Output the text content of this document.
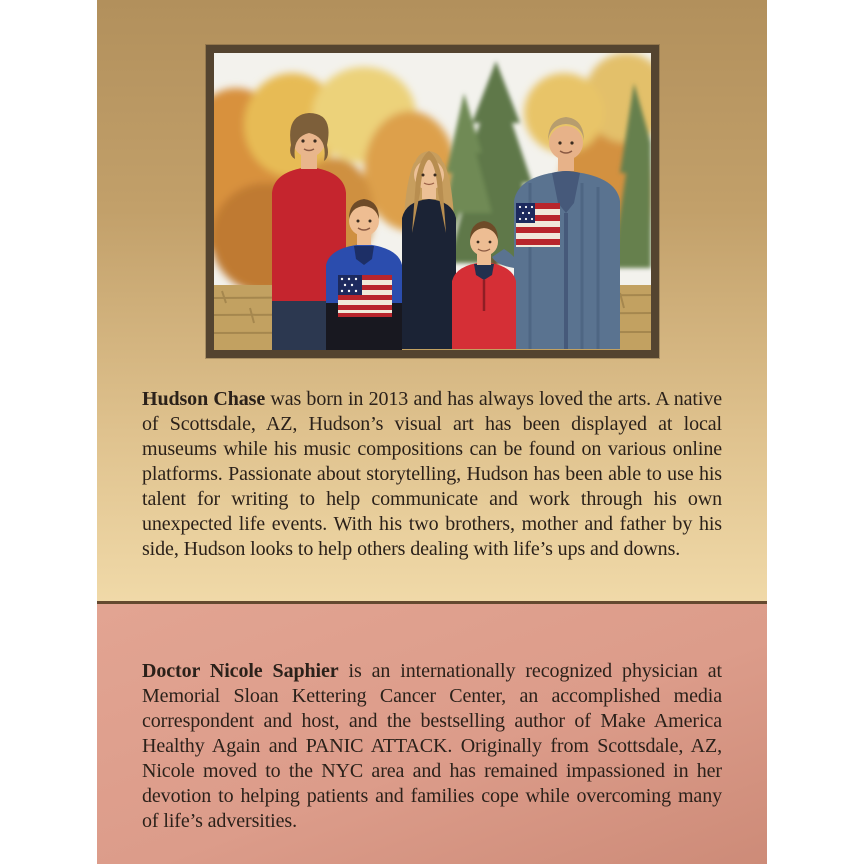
Hudson Chase was born in 2013 and has always loved the arts. A native of Scottsdale, AZ, Hudson’s visual art has been displayed at local museums while his music compositions can be found on various online platforms. Passionate about storytelling, Hudson has been able to use his talent for writing to help communicate and work through his own unexpected life events. With his two brothers, mother and father by his side, Hudson looks to help others dealing with life’s ups and downs.

Doctor Nicole Saphier is an internationally recognized physician at Memorial Sloan Kettering Cancer Center, an accomplished media correspondent and host, and the bestselling author of Make America Healthy Again and PANIC ATTACK. Originally from Scottsdale, AZ, Nicole moved to the NYC area and has remained impassioned in her devotion to helping patients and families cope while overcoming many of life’s adversities.
